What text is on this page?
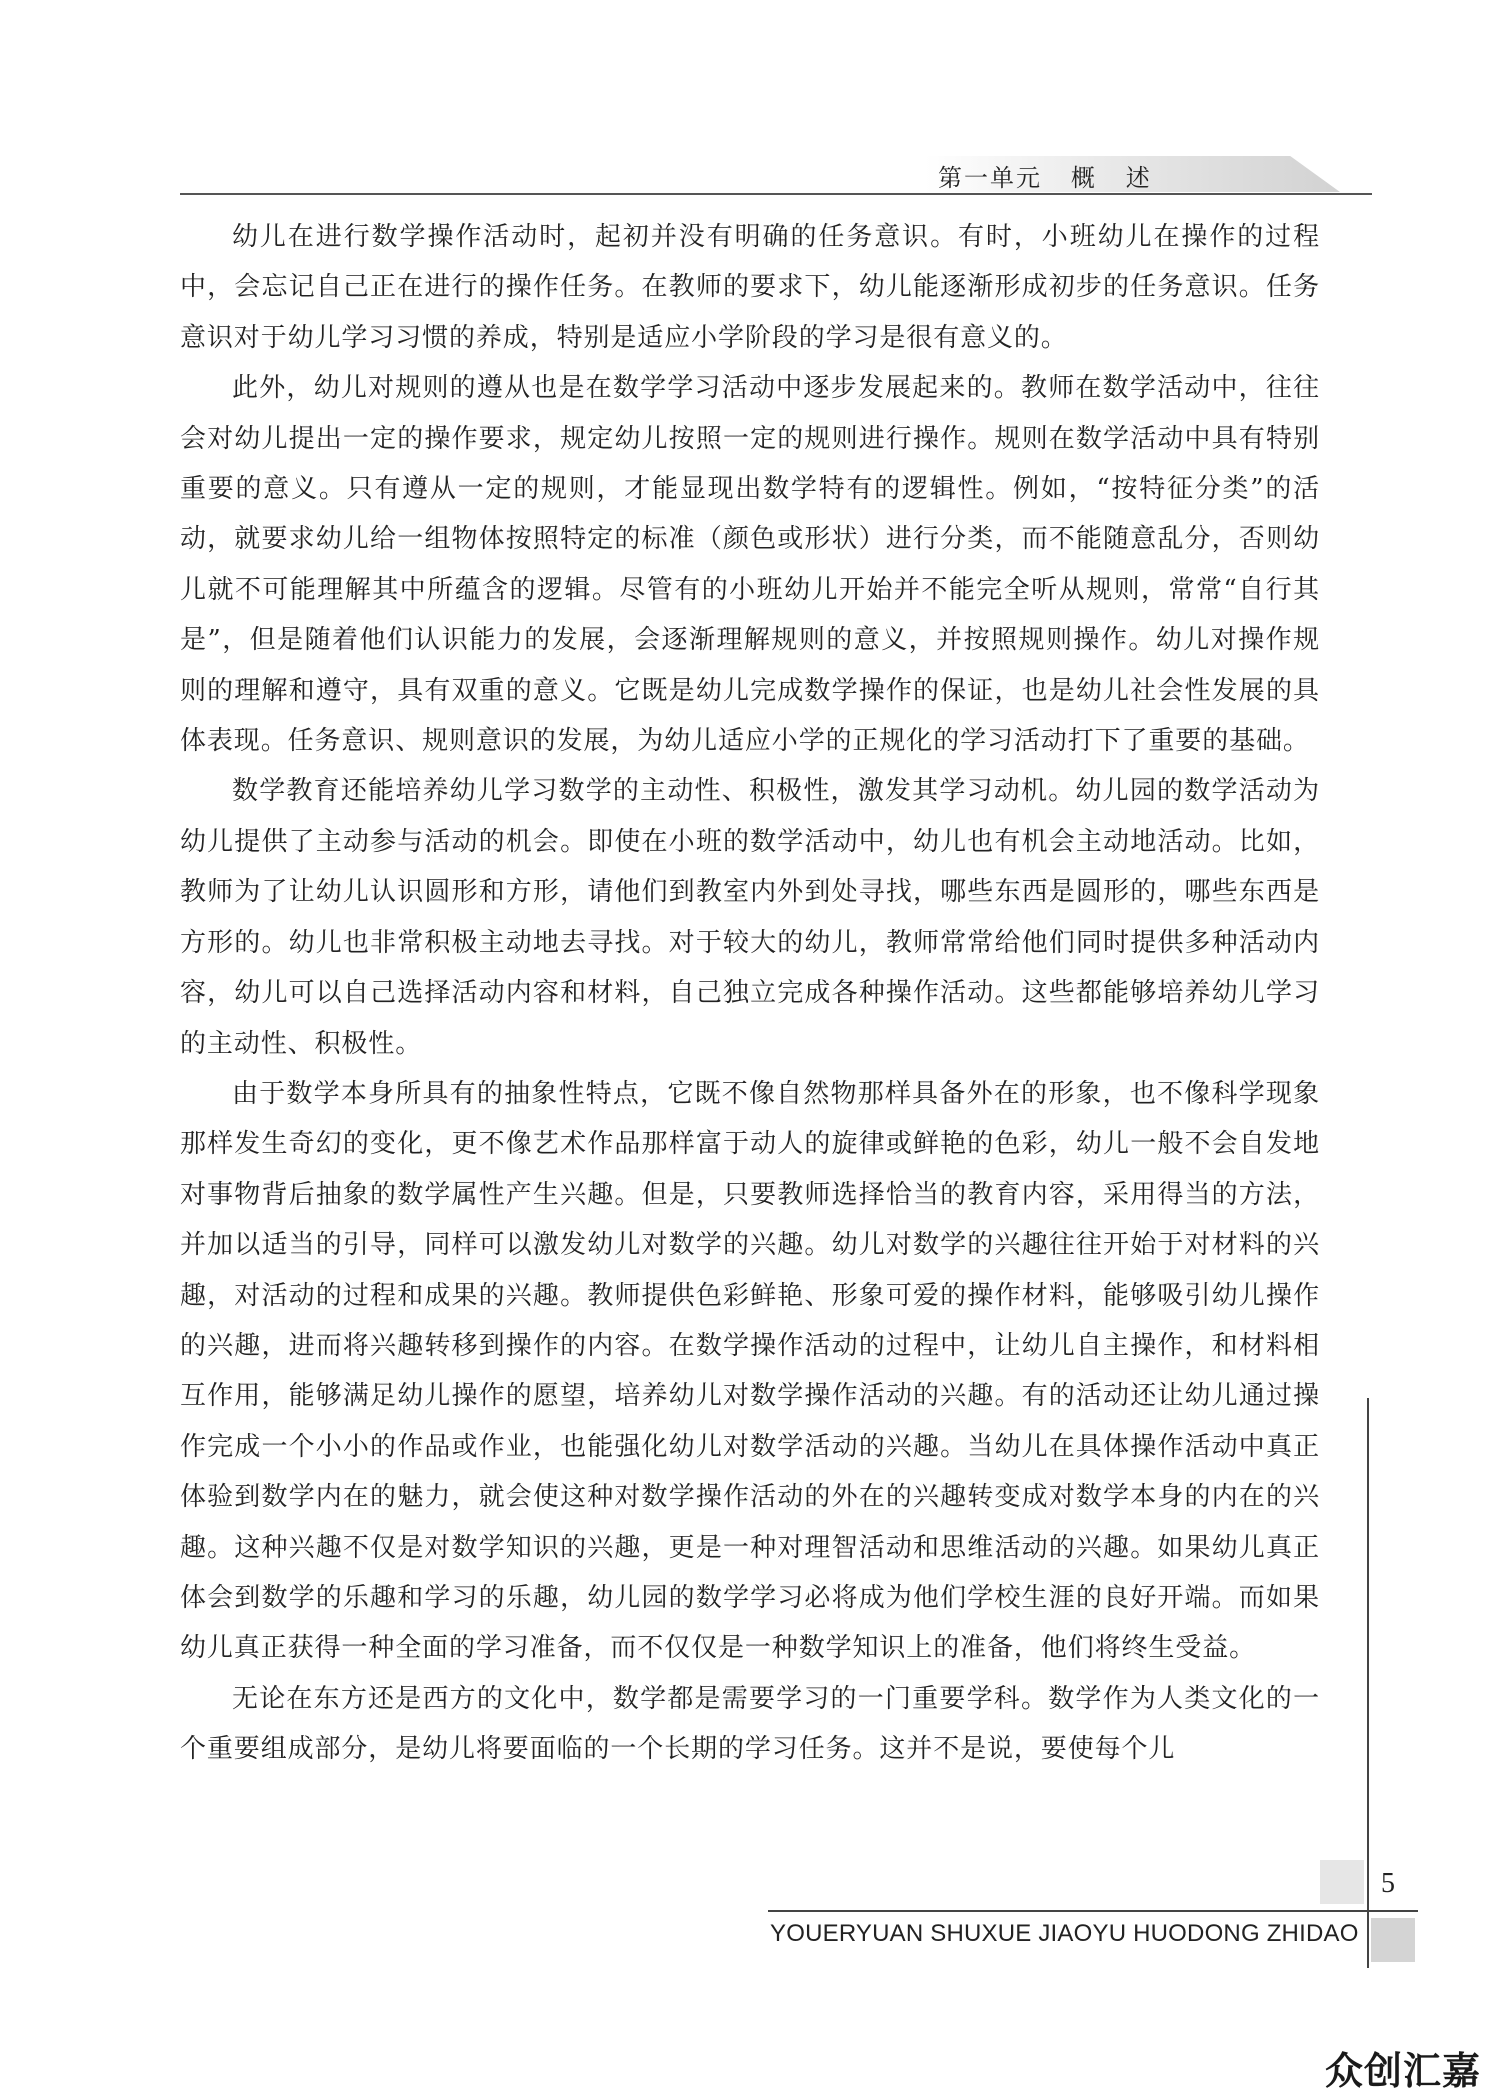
第一单元   概   述

幼儿在进行数学操作活动时，起初并没有明确的任务意识。有时，小班幼儿在操作的过程中，会忘记自己正在进行的操作任务。在教师的要求下，幼儿能逐渐形成初步的任务意识。任务意识对于幼儿学习习惯的养成，特别是适应小学阶段的学习是很有意义的。

此外，幼儿对规则的遵从也是在数学学习活动中逐步发展起来的。教师在数学活动中，往往会对幼儿提出一定的操作要求，规定幼儿按照一定的规则进行操作。规则在数学活动中具有特别重要的意义。只有遵从一定的规则，才能显现出数学特有的逻辑性。例如，“按特征分类”的活动，就要求幼儿给一组物体按照特定的标准（颜色或形状）进行分类，而不能随意乱分，否则幼儿就不可能理解其中所蕴含的逻辑。尽管有的小班幼儿开始并不能完全听从规则，常常“自行其是”，但是随着他们认识能力的发展，会逐渐理解规则的意义，并按照规则操作。幼儿对操作规则的理解和遵守，具有双重的意义。它既是幼儿完成数学操作的保证，也是幼儿社会性发展的具体表现。任务意识、规则意识的发展，为幼儿适应小学的正规化的学习活动打下了重要的基础。

数学教育还能培养幼儿学习数学的主动性、积极性，激发其学习动机。幼儿园的数学活动为幼儿提供了主动参与活动的机会。即使在小班的数学活动中，幼儿也有机会主动地活动。比如，教师为了让幼儿认识圆形和方形，请他们到教室内外到处寻找，哪些东西是圆形的，哪些东西是方形的。幼儿也非常积极主动地去寻找。对于较大的幼儿，教师常常给他们同时提供多种活动内容，幼儿可以自己选择活动内容和材料，自己独立完成各种操作活动。这些都能够培养幼儿学习的主动性、积极性。

由于数学本身所具有的抽象性特点，它既不像自然物那样具备外在的形象，也不像科学现象那样发生奇幻的变化，更不像艺术作品那样富于动人的旋律或鲜艳的色彩，幼儿一般不会自发地对事物背后抽象的数学属性产生兴趣。但是，只要教师选择恰当的教育内容，采用得当的方法，并加以适当的引导，同样可以激发幼儿对数学的兴趣。幼儿对数学的兴趣往往开始于对材料的兴趣，对活动的过程和成果的兴趣。教师提供色彩鲜艳、形象可爱的操作材料，能够吸引幼儿操作的兴趣，进而将兴趣转移到操作的内容。在数学操作活动的过程中，让幼儿自主操作，和材料相互作用，能够满足幼儿操作的愿望，培养幼儿对数学操作活动的兴趣。有的活动还让幼儿通过操作完成一个小小的作品或作业，也能强化幼儿对数学活动的兴趣。当幼儿在具体操作活动中真正体验到数学内在的魅力，就会使这种对数学操作活动的外在的兴趣转变成对数学本身的内在的兴趣。这种兴趣不仅是对数学知识的兴趣，更是一种对理智活动和思维活动的兴趣。如果幼儿真正体会到数学的乐趣和学习的乐趣，幼儿园的数学学习必将成为他们学校生涯的良好开端。而如果幼儿真正获得一种全面的学习准备，而不仅仅是一种数学知识上的准备，他们将终生受益。

无论在东方还是西方的文化中，数学都是需要学习的一门重要学科。数学作为人类文化的一个重要组成部分，是幼儿将要面临的一个长期的学习任务。这并不是说，要使每个儿

5
YOUERYUAN SHUXUE JIAOYU HUODONG ZHIDAO
众创汇嘉
